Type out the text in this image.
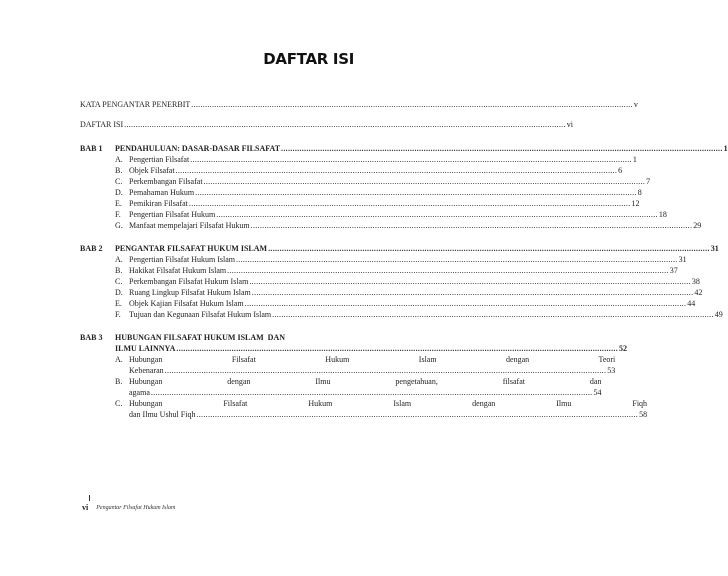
DAFTAR ISI
KATA PENGANTAR PENERBIT .....	v
DAFTAR ISI .....	vi
BAB 1	PENDAHULUAN: DASAR-DASAR FILSAFAT .....	1
A. Pengertian Filsafat .....	1
B. Objek Filsafat .....	6
C. Perkembangan Filsafat .....	7
D. Pemahaman Hukum .....	8
E. Pemikiran Filsafat .....	12
F.	Pengertian Filsafat Hukum .....	18
G. Manfaat mempelajari Filsafat Hukum .....	29
BAB 2	PENGANTAR FILSAFAT HUKUM ISLAM .....	31
A. Pengertian Filsafat Hukum Islam .....	31
B. Hakikat Filsafat Hukum Islam .....	37
C. Perkembangan Filsafat Hukum Islam .....	38
D. Ruang Lingkup Filsafat Hukum Islam .....	42
E. Objek Kajian Filsafat Hukum Islam .....	44
F.	Tujuan dan Kegunaan Filsafat Hukum Islam .....	49
BAB 3	HUBUNGAN FILSAFAT HUKUM ISLAM  DAN
ILMU LAINNYA .....	52
A. Hubungan Filsafat Hukum Islam dengan Teori
Kebenaran .....	53
B. Hubungan dengan Ilmu pengetahuan, filsafat dan
agama .....	54
C. Hubungan Filsafat Hukum Islam dengan Ilmu Fiqh
dan Ilmu Ushul Fiqh .....	58
vi Pengantar Filsafat Hukum Islam
